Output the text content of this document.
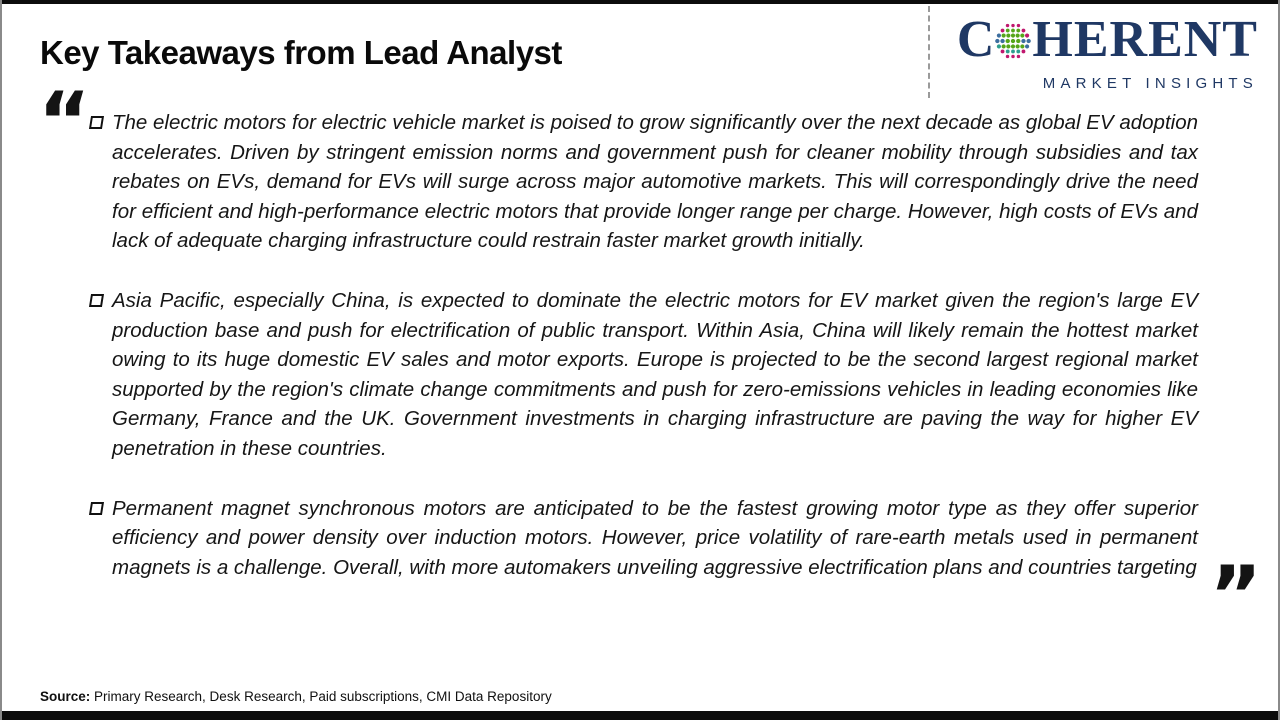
Key Takeaways from Lead Analyst	C HERENT
MARKET INSIGHTS
“ The electric motors for electric vehicle market is poised to grow significantly over the next decade as global EV adoption accelerates. Driven by stringent emission norms and government push for cleaner mobility through subsidies and tax rebates on EVs, demand for EVs will surge across major automotive markets. This will correspondingly drive the need for efficient and high-performance electric motors that provide longer range per charge. However, high costs of EVs and lack of adequate charging infrastructure could restrain faster market growth initially.

Asia Pacific, especially China, is expected to dominate the electric motors for EV market given the region's large EV production base and push for electrification of public transport. Within Asia, China will likely remain the hottest market owing to its huge domestic EV sales and motor exports. Europe is projected to be the second largest regional market supported by the region's climate change commitments and push for zero-emissions vehicles in leading economies like Germany, France and the UK. Government investments in charging infrastructure are paving the way for higher EV penetration in these countries.

Permanent magnet synchronous motors are anticipated to be the fastest growing motor type as they offer superior efficiency and power density over induction motors. However, price volatility of rare-earth metals used in permanent magnets is a challenge. Overall, with more automakers unveiling aggressive electrification plans and countries targeting ”
Source: Primary Research, Desk Research, Paid subscriptions, CMI Data Repository
